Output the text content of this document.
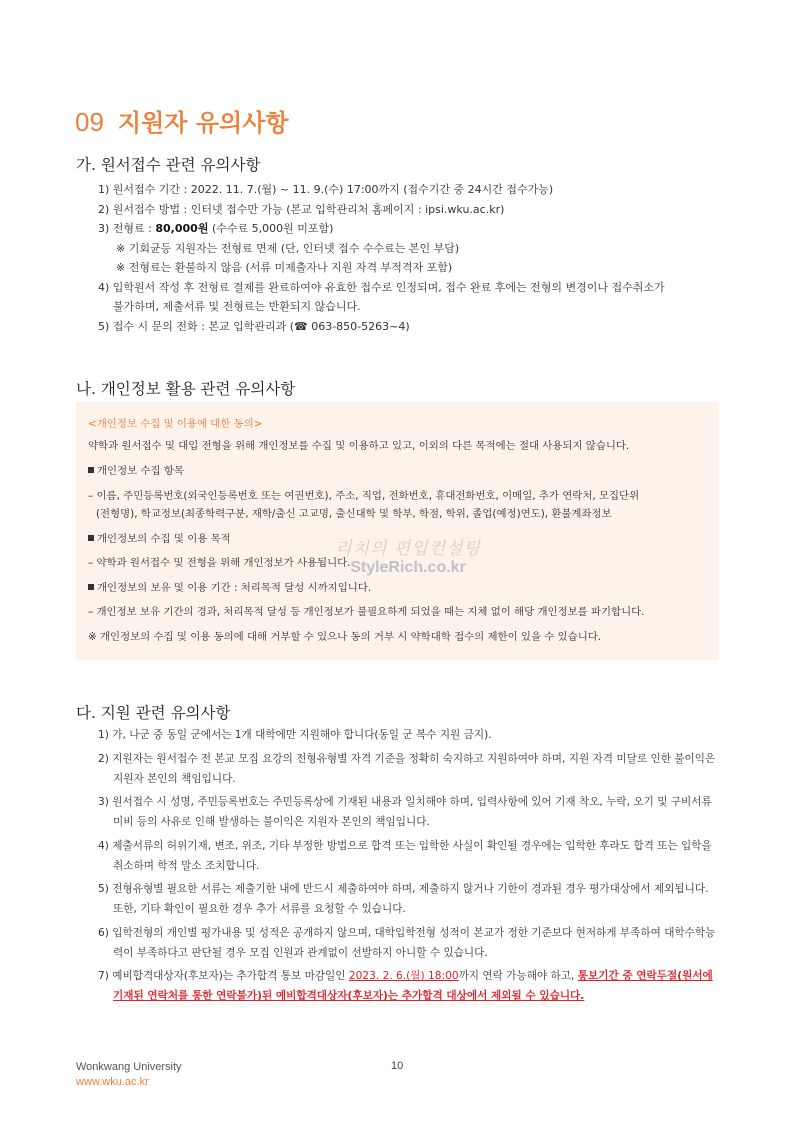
09 지원자 유의사항
가. 원서접수 관련 유의사항
1) 원서접수 기간 : 2022. 11. 7.(월) ~ 11. 9.(수) 17:00까지 (접수기간 중 24시간 접수가능)
2) 원서접수 방법 : 인터넷 접수만 가능 (본교 입학관리처 홈페이지 : ipsi.wku.ac.kr)
3) 전형료 : 80,000원 (수수료 5,000원 미포함)
※ 기회균등 지원자는 전형료 면제 (단, 인터넷 접수 수수료는 본인 부담)
※ 전형료는 환불하지 않음 (서류 미제출자나 지원 자격 부적격자 포함)
4) 입학원서 작성 후 전형료 결제를 완료하여야 유효한 접수로 인정되며, 접수 완료 후에는 전형의 변경이나 접수취소가
불가하며, 제출서류 및 전형료는 반환되지 않습니다.
5) 접수 시 문의 전화 : 본교 입학관리과 (☎ 063-850-5263~4)
나. 개인정보 활용 관련 유의사항
<개인정보 수집 및 이용에 대한 동의>
약학과 원서접수 및 대입 전형을 위해 개인정보를 수집 및 이용하고 있고, 이외의 다른 목적에는 절대 사용되지 않습니다.
개인정보 수집 항목
– 이름, 주민등록번호(외국인등록번호 또는 여권번호), 주소, 직업, 전화번호, 휴대전화번호, 이메일, 추가 연락처, 모집단위
(전형명), 학교정보(최종학력구분, 재학/출신 고교명, 출신대학 및 학부, 학점, 학위, 졸업(예정)연도), 환불계좌정보
개인정보의 수집 및 이용 목적
– 약학과 원서접수 및 전형을 위해 개인정보가 사용됩니다.
개인정보의 보유 및 이용 기간 : 처리목적 달성 시까지입니다.
– 개인정보 보유 기간의 경과, 처리목적 달성 등 개인정보가 불필요하게 되었을 때는 지체 없이 해당 개인정보를 파기합니다.
※ 개인정보의 수집 및 이용 동의에 대해 거부할 수 있으나 동의 거부 시 약학대학 접수의 제한이 있을 수 있습니다.
리치의 편입컨설팅
StyleRich.co.kr
다. 지원 관련 유의사항
1) 가, 나군 중 동일 군에서는 1개 대학에만 지원해야 합니다(동일 군 복수 지원 금지).
2) 지원자는 원서접수 전 본교 모집 요강의 전형유형별 자격 기준을 정확히 숙지하고 지원하여야 하며, 지원 자격 미달로 인한 불이익은 지원자 본인의 책임입니다.
3) 원서접수 시 성명, 주민등록번호는 주민등록상에 기재된 내용과 일치해야 하며, 입력사항에 있어 기재 착오, 누락, 오기 및 구비서류 미비 등의 사유로 인해 발생하는 불이익은 지원자 본인의 책임입니다.
4) 제출서류의 허위기재, 변조, 위조, 기타 부정한 방법으로 합격 또는 입학한 사실이 확인될 경우에는 입학한 후라도 합격 또는 입학을 취소하며 학적 말소 조치합니다.
5) 전형유형별 필요한 서류는 제출기한 내에 반드시 제출하여야 하며, 제출하지 않거나 기한이 경과된 경우 평가대상에서 제외됩니다. 또한, 기타 확인이 필요한 경우 추가 서류를 요청할 수 있습니다.
6) 입학전형의 개인별 평가내용 및 성적은 공개하지 않으며, 대학입학전형 성적이 본교가 정한 기준보다 현저하게 부족하여 대학수학능력이 부족하다고 판단될 경우 모집 인원과 관계없이 선발하지 아니할 수 있습니다.
7) 예비합격대상자(후보자)는 추가합격 통보 마감일인 2023. 2. 6.(월) 18:00까지 연락 가능해야 하고, 통보기간 중 연락두절(원서에 기재된 연락처를 통한 연락불가)된 예비합격대상자(후보자)는 추가합격 대상에서 제외될 수 있습니다.
Wonkwang University
www.wku.ac.kr
10
